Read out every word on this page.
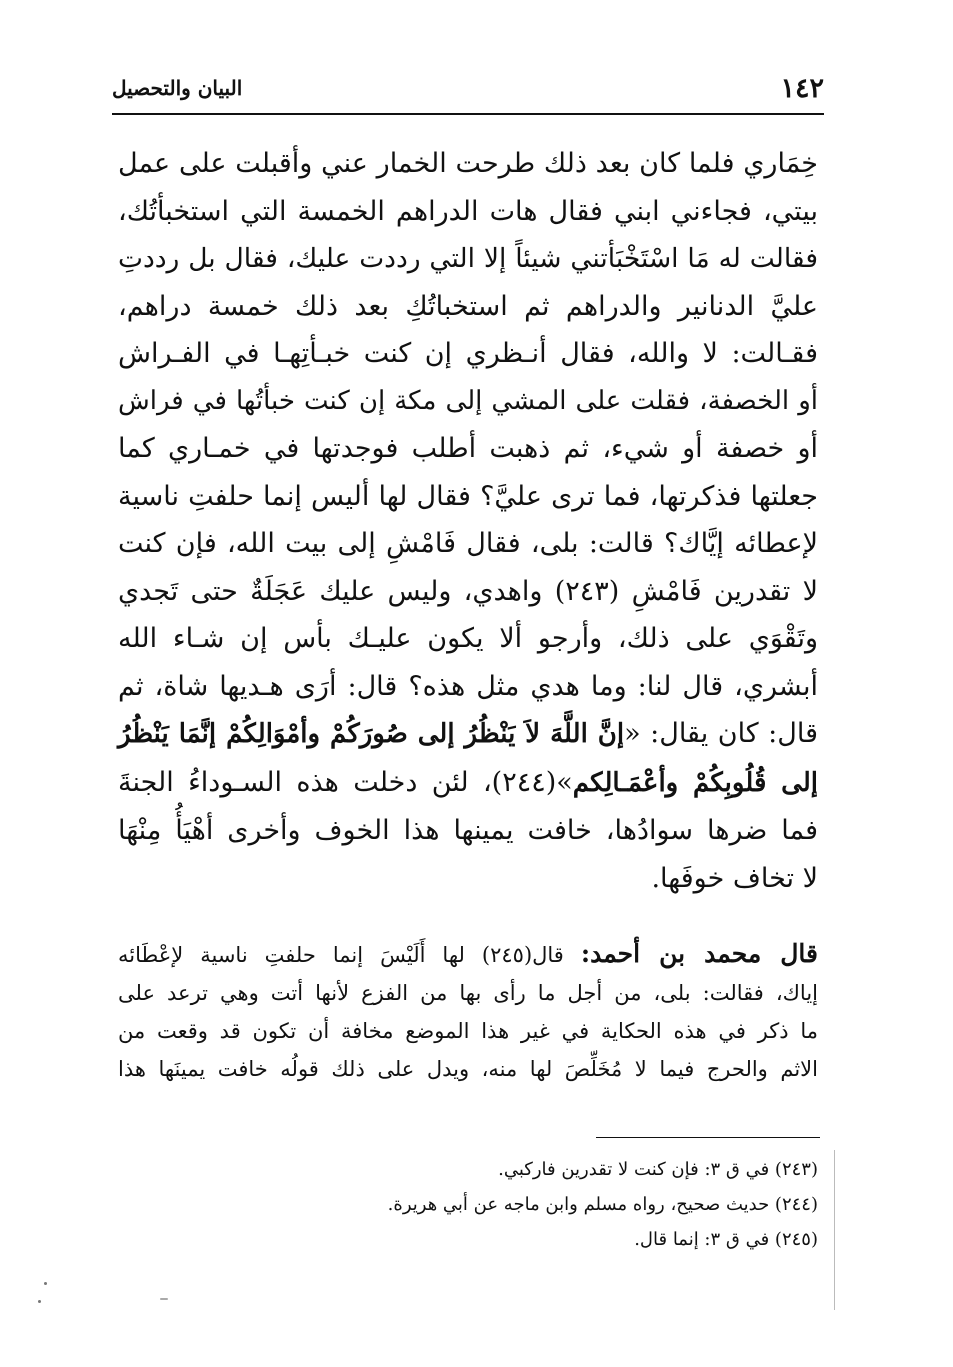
١٤٢
البيان والتحصيل
خِمَاري فلما كان بعد ذلك طرحت الخمار عني وأقبلت على عمل
بيتي، فجاءني ابني فقال هات الدراهم الخمسة التي استخبأتُك،
فقالت له مَا اسْتَخْبَأتني شيئاً إلا التي رددت عليك، فقال بل رددتِ
عليَّ الدنانير والدراهم ثم استخباتُكِ بعد ذلك خمسة دراهم،
فقـالت: لا والله، فقال أنـظري إن كنت خبـأتِهـا في الفـراش
أو الخصفة، فقلت على المشي إلى مكة إن كنت خبأتُها في فراش
أو خصفة أو شيء، ثم ذهبت أطلب فوجدتها في خمـاري كما
جعلتها فذكرتها، فما ترى عليَّ؟ فقال لها أليس إنما حلفتِ ناسية
لإعطائه إيَّاك؟ قالت: بلى، فقال فَامْشِ إلى بيت الله، فإن كنت
لا تقدرين فَامْشِ (٢٤٣) واهدي، وليس عليك عَجَلَةٌ حتى تَجدي
وتَقْوَي على ذلك، وأرجو ألا يكون عليـك بأس إن شـاء الله
أبشري، قال لنا: وما هدي مثل هذه؟ قال: أرَى هـديها شاة، ثم
قال: كان يقال: «إنَّ اللَّهَ لاَ يَنْظُرُ إلى صُورَكُمْ وأمْوَالِكُمْ إنَّمَا يَنْظُرُ
إلى قُلُوبِكُمْ وأعْمَـالِكم»(٢٤٤)، لئن دخلت هذه السـوداءُ الجنةَ
فما ضرها سوادُها، خافت يمينها هذا الخوف وأخرى أهْيَأُ مِنْهَا
لا تخاف خوفَها.
قال محمد بن أحمد: قال(٢٤٥) لها أَلَيْسَ إنما حلفتِ ناسية لإعْطَائه
إياك، فقالت: بلى، من أجل ما رأى بها من الفزع لأنها أتت وهي ترعد على
ما ذكر في هذه الحكاية في غير هذا الموضع مخافة أن تكون قد وقعت من
الاثم والحرج فيما لا مُخَلِّصَ لها منه، ويدل على ذلك قولُه خافت يمينَها هذا
(٢٤٣) في ق ٣: فإن كنت لا تقدرين فاركبي.
(٢٤٤) حديث صحيح، رواه مسلم وابن ماجه عن أبي هريرة.
(٢٤٥) في ق ٣: إنما قال.
